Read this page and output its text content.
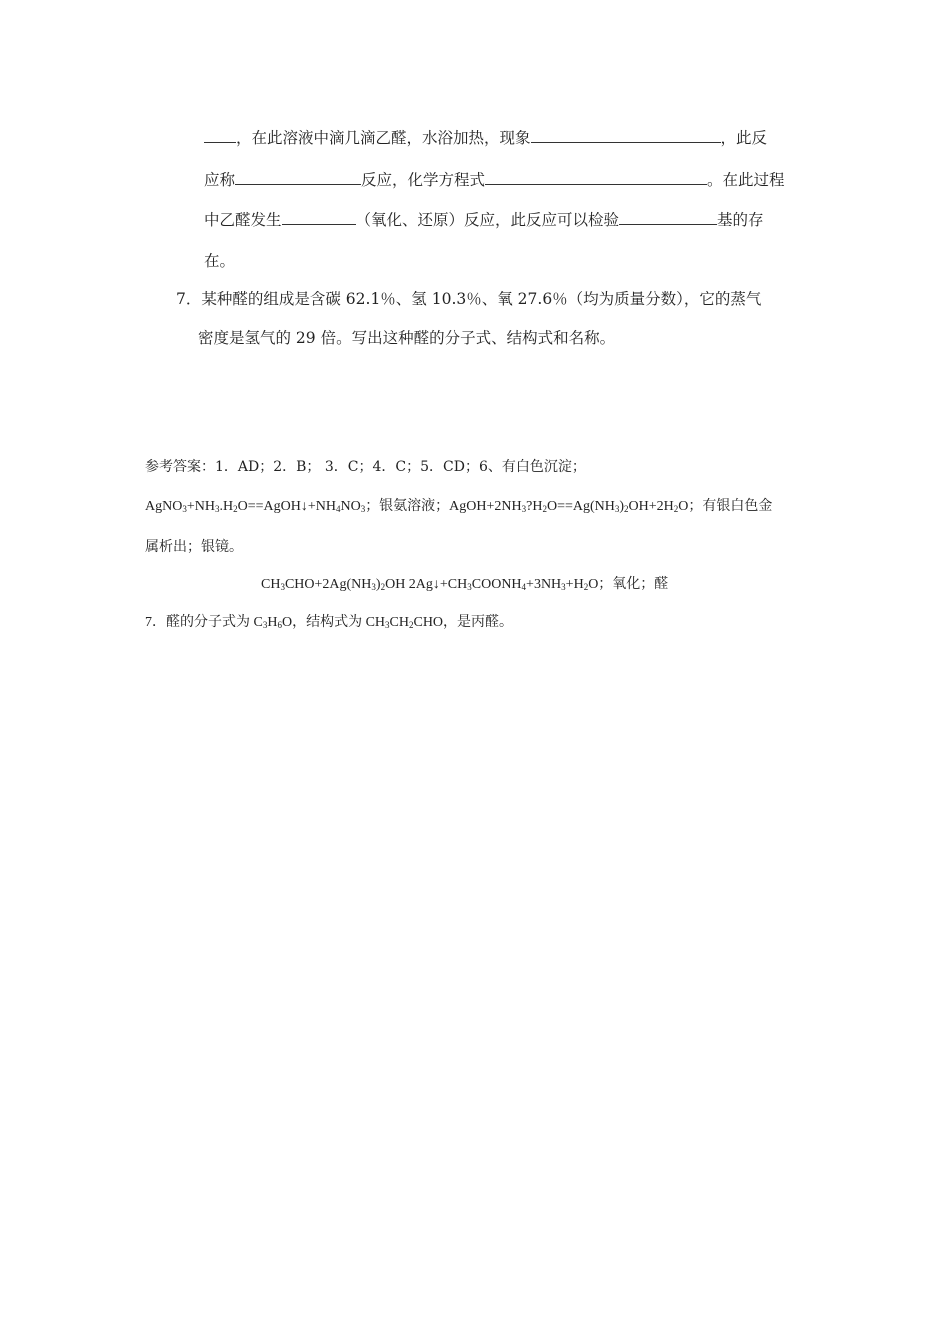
，在此溶液中滴几滴乙醛，水浴加热，现象	，此反
应称	反应，化学方程式	。在此过程
中乙醛发生	（氧化、还原）反应，此反应可以检验	基的存
在。
7．某种醛的组成是含碳 62.1％、氢 10.3％、氧 27.6％（均为质量分数），它的蒸气
密度是氢气的 29 倍。写出这种醛的分子式、结构式和名称。
参考答案：1．AD；2．B； 3．C；4．C；5．CD；6、有白色沉淀；
$AgNO_3+NH_3.H_2O==AgOH↓+NH_4NO_3$；银氨溶液；$AgOH+2NH_3?H_2O==Ag(NH_3)_2OH+2H_2O$；有银白色金
属析出；银镜。
$CH_3CHO+2Ag(NH_3)_2OH$ $2Ag↓+CH_3COONH_4+3NH_3+H_2O$；氧化；醛
7．醛的分子式为 $C_3H_6O$，结构式为 $CH_3CH_2CHO$，是丙醛。
